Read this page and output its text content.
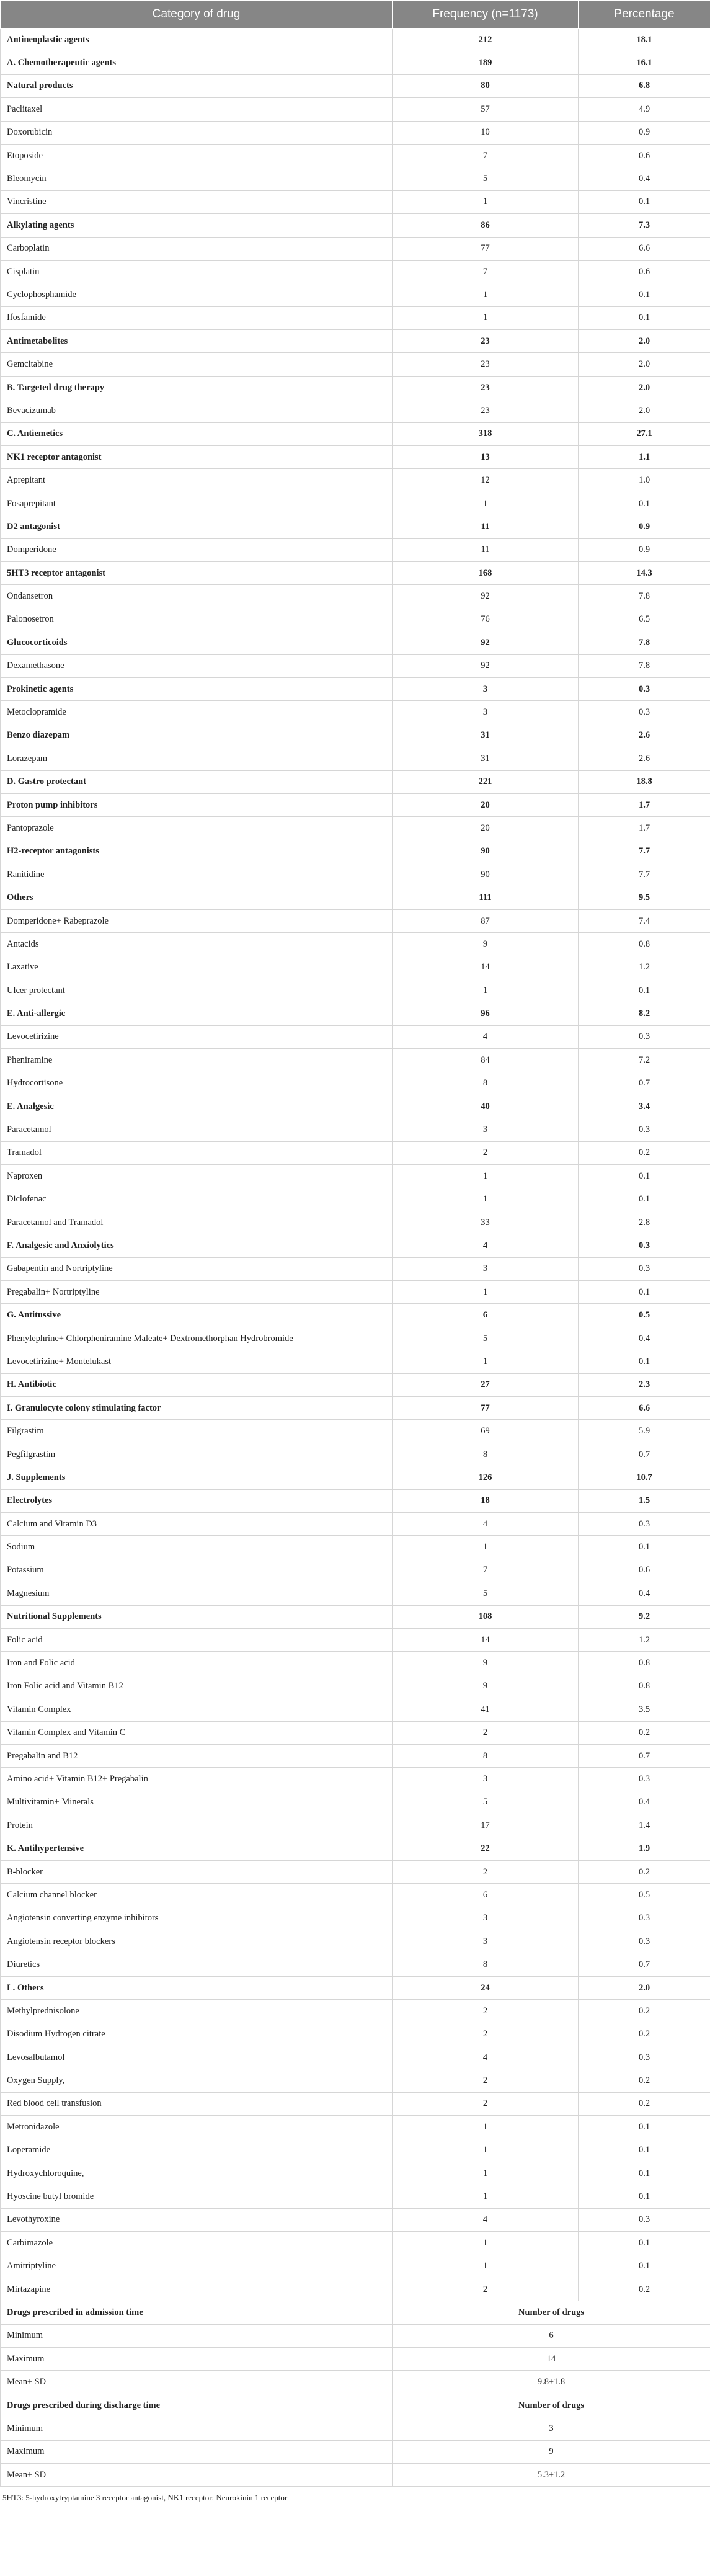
Category of drug	Frequency (n=1173)	Percentage
Antineoplastic agents	212	18.1
A. Chemotherapeutic agents	189	16.1
Natural products	80	6.8
Paclitaxel	57	4.9
Doxorubicin	10	0.9
Etoposide	7	0.6
Bleomycin	5	0.4
Vincristine	1	0.1
Alkylating agents	86	7.3
Carboplatin	77	6.6
Cisplatin	7	0.6
Cyclophosphamide	1	0.1
Ifosfamide	1	0.1
Antimetabolites	23	2.0
Gemcitabine	23	2.0
B. Targeted drug therapy	23	2.0
Bevacizumab	23	2.0
C. Antiemetics	318	27.1
NK1 receptor antagonist	13	1.1
Aprepitant	12	1.0
Fosaprepitant	1	0.1
D2 antagonist	11	0.9
Domperidone	11	0.9
5HT3 receptor antagonist	168	14.3
Ondansetron	92	7.8
Palonosetron	76	6.5
Glucocorticoids	92	7.8
Dexamethasone	92	7.8
Prokinetic agents	3	0.3
Metoclopramide	3	0.3
Benzo diazepam	31	2.6
Lorazepam	31	2.6
D. Gastro protectant	221	18.8
Proton pump inhibitors	20	1.7
Pantoprazole	20	1.7
H2-receptor antagonists	90	7.7
Ranitidine	90	7.7
Others	111	9.5
Domperidone+ Rabeprazole	87	7.4
Antacids	9	0.8
Laxative	14	1.2
Ulcer protectant	1	0.1
E. Anti-allergic	96	8.2
Levocetirizine	4	0.3
Pheniramine	84	7.2
Hydrocortisone	8	0.7
E. Analgesic	40	3.4
Paracetamol	3	0.3
Tramadol	2	0.2
Naproxen	1	0.1
Diclofenac	1	0.1
Paracetamol and Tramadol	33	2.8
F. Analgesic and Anxiolytics	4	0.3
Gabapentin and Nortriptyline	3	0.3
Pregabalin+ Nortriptyline	1	0.1
G. Antitussive	6	0.5
Phenylephrine+ Chlorpheniramine Maleate+ Dextromethorphan Hydrobromide	5	0.4
Levocetirizine+ Montelukast	1	0.1
H. Antibiotic	27	2.3
I. Granulocyte colony stimulating factor	77	6.6
Filgrastim	69	5.9
Pegfilgrastim	8	0.7
J. Supplements	126	10.7
Electrolytes	18	1.5
Calcium and Vitamin D3	4	0.3
Sodium	1	0.1
Potassium	7	0.6
Magnesium	5	0.4
Nutritional Supplements	108	9.2
Folic acid	14	1.2
Iron and Folic acid	9	0.8
Iron Folic acid and Vitamin B12	9	0.8
Vitamin Complex	41	3.5
Vitamin Complex and Vitamin C	2	0.2
Pregabalin and B12	8	0.7
Amino acid+ Vitamin B12+ Pregabalin	3	0.3
Multivitamin+ Minerals	5	0.4
Protein	17	1.4
K. Antihypertensive	22	1.9
B-blocker	2	0.2
Calcium channel blocker	6	0.5
Angiotensin converting enzyme inhibitors	3	0.3
Angiotensin receptor blockers	3	0.3
Diuretics	8	0.7
L. Others	24	2.0
Methylprednisolone	2	0.2
Disodium Hydrogen citrate	2	0.2
Levosalbutamol	4	0.3
Oxygen Supply,	2	0.2
Red blood cell transfusion	2	0.2
Metronidazole	1	0.1
Loperamide	1	0.1
Hydroxychloroquine,	1	0.1
Hyoscine butyl bromide	1	0.1
Levothyroxine	4	0.3
Carbimazole	1	0.1
Amitriptyline	1	0.1
Mirtazapine	2	0.2
Drugs prescribed in admission time	Number of drugs	
Minimum	6	
Maximum	14	
Mean± SD	9.8±1.8	
Drugs prescribed during discharge time	Number of drugs	
Minimum	3	
Maximum	9	
Mean± SD	5.3±1.2	
5HT3: 5-hydroxytryptamine 3 receptor antagonist, NK1 receptor: Neurokinin 1 receptor
